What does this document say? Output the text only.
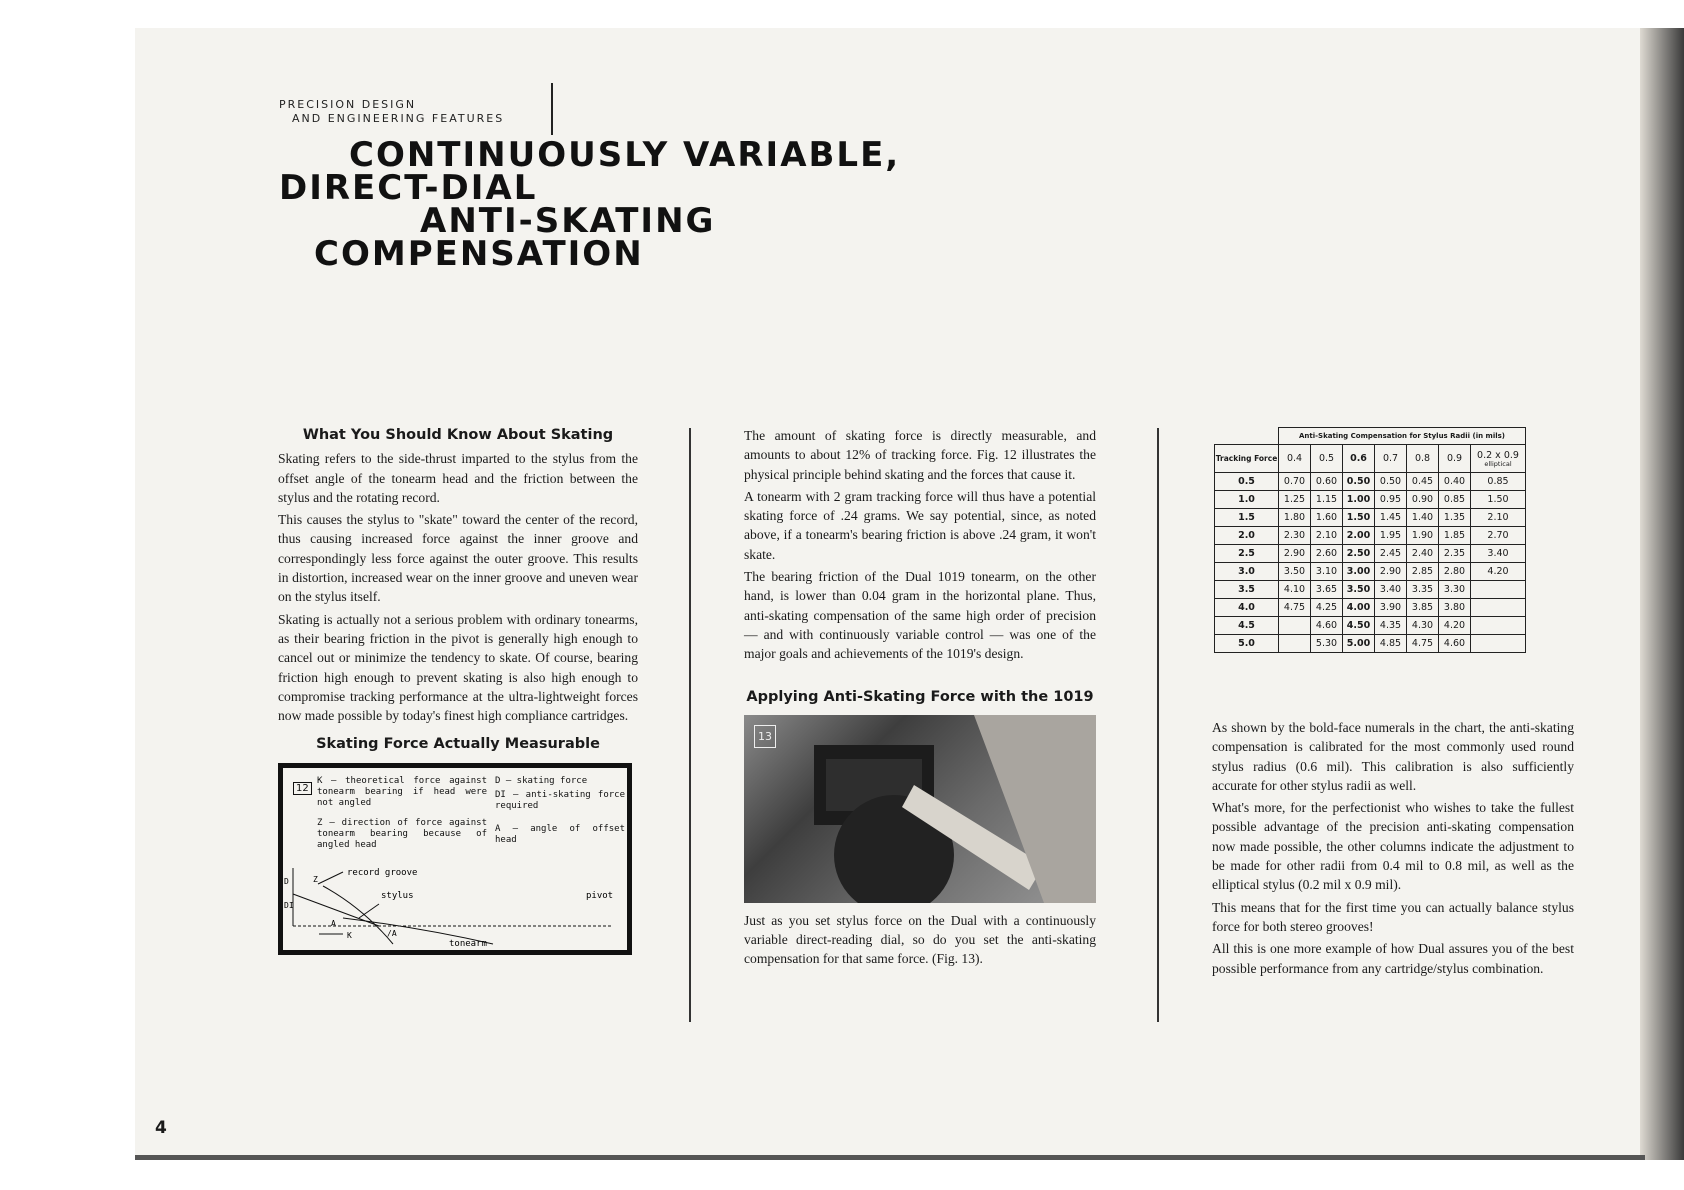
PRECISION DESIGN
AND ENGINEERING FEATURES
CONTINUOUSLY VARIABLE,
DIRECT-DIAL
ANTI-SKATING
COMPENSATION
What You Should Know About Skating

Skating refers to the side-thrust imparted to the stylus from the offset angle of the tonearm head and the friction between the stylus and the rotating record.

This causes the stylus to "skate" toward the center of the record, thus causing increased force against the inner groove and correspondingly less force against the outer groove. This results in distortion, increased wear on the inner groove and uneven wear on the stylus itself.

Skating is actually not a serious problem with ordinary tonearms, as their bearing friction in the pivot is generally high enough to cancel out or minimize the tendency to skate. Of course, bearing friction high enough to prevent skating is also high enough to compromise tracking performance at the ultra-lightweight forces now made possible by today's finest high compliance cartridges.

Skating Force Actually Measurable
12
K — theoretical force against tonearm bearing if head were not angled
Z — direction of force against tonearm bearing because of angled head
D — skating force
DI — anti-skating force required
A — angle of offset head
record groove
stylus	pivot
tonearm
D
DI
Z
A
/A
K

The amount of skating force is directly measurable, and amounts to about 12% of tracking force. Fig. 12 illustrates the physical principle behind skating and the forces that cause it.

A tonearm with 2 gram tracking force will thus have a potential skating force of .24 grams. We say potential, since, as noted above, if a tonearm's bearing friction is above .24 gram, it won't skate.

The bearing friction of the Dual 1019 tonearm, on the other hand, is lower than 0.04 gram in the horizontal plane. Thus, anti-skating compensation of the same high order of precision — and with continuously variable control — was one of the major goals and achievements of the 1019's design.

Applying Anti-Skating Force with the 1019
13

Just as you set stylus force on the Dual with a continuously variable direct-reading dial, so do you set the anti-skating compensation for that same force. (Fig. 13).

	Anti-Skating Compensation for Stylus Radii (in mils)						
Tracking Force	0.4	0.5	0.6	0.7	0.8	0.9	0.2 x 0.9
elliptical

0.5	0.70	0.60	0.50	0.50	0.45	0.40	0.85
1.0	1.25	1.15	1.00	0.95	0.90	0.85	1.50
1.5	1.80	1.60	1.50	1.45	1.40	1.35	2.10
2.0	2.30	2.10	2.00	1.95	1.90	1.85	2.70
2.5	2.90	2.60	2.50	2.45	2.40	2.35	3.40
3.0	3.50	3.10	3.00	2.90	2.85	2.80	4.20
3.5	4.10	3.65	3.50	3.40	3.35	3.30	
4.0	4.75	4.25	4.00	3.90	3.85	3.80	
4.5		4.60	4.50	4.35	4.30	4.20	
5.0		5.30	5.00	4.85	4.75	4.60	

As shown by the bold-face numerals in the chart, the anti-skating compensation is calibrated for the most commonly used round stylus radius (0.6 mil). This calibration is also sufficiently accurate for other stylus radii as well.

What's more, for the perfectionist who wishes to take the fullest possible advantage of the precision anti-skating compensation now made possible, the other columns indicate the adjustment to be made for other radii from 0.4 mil to 0.8 mil, as well as the elliptical stylus (0.2 mil x 0.9 mil).

This means that for the first time you can actually balance stylus force for both stereo grooves!

All this is one more example of how Dual assures you of the best possible performance from any cartridge/stylus combination.

4
